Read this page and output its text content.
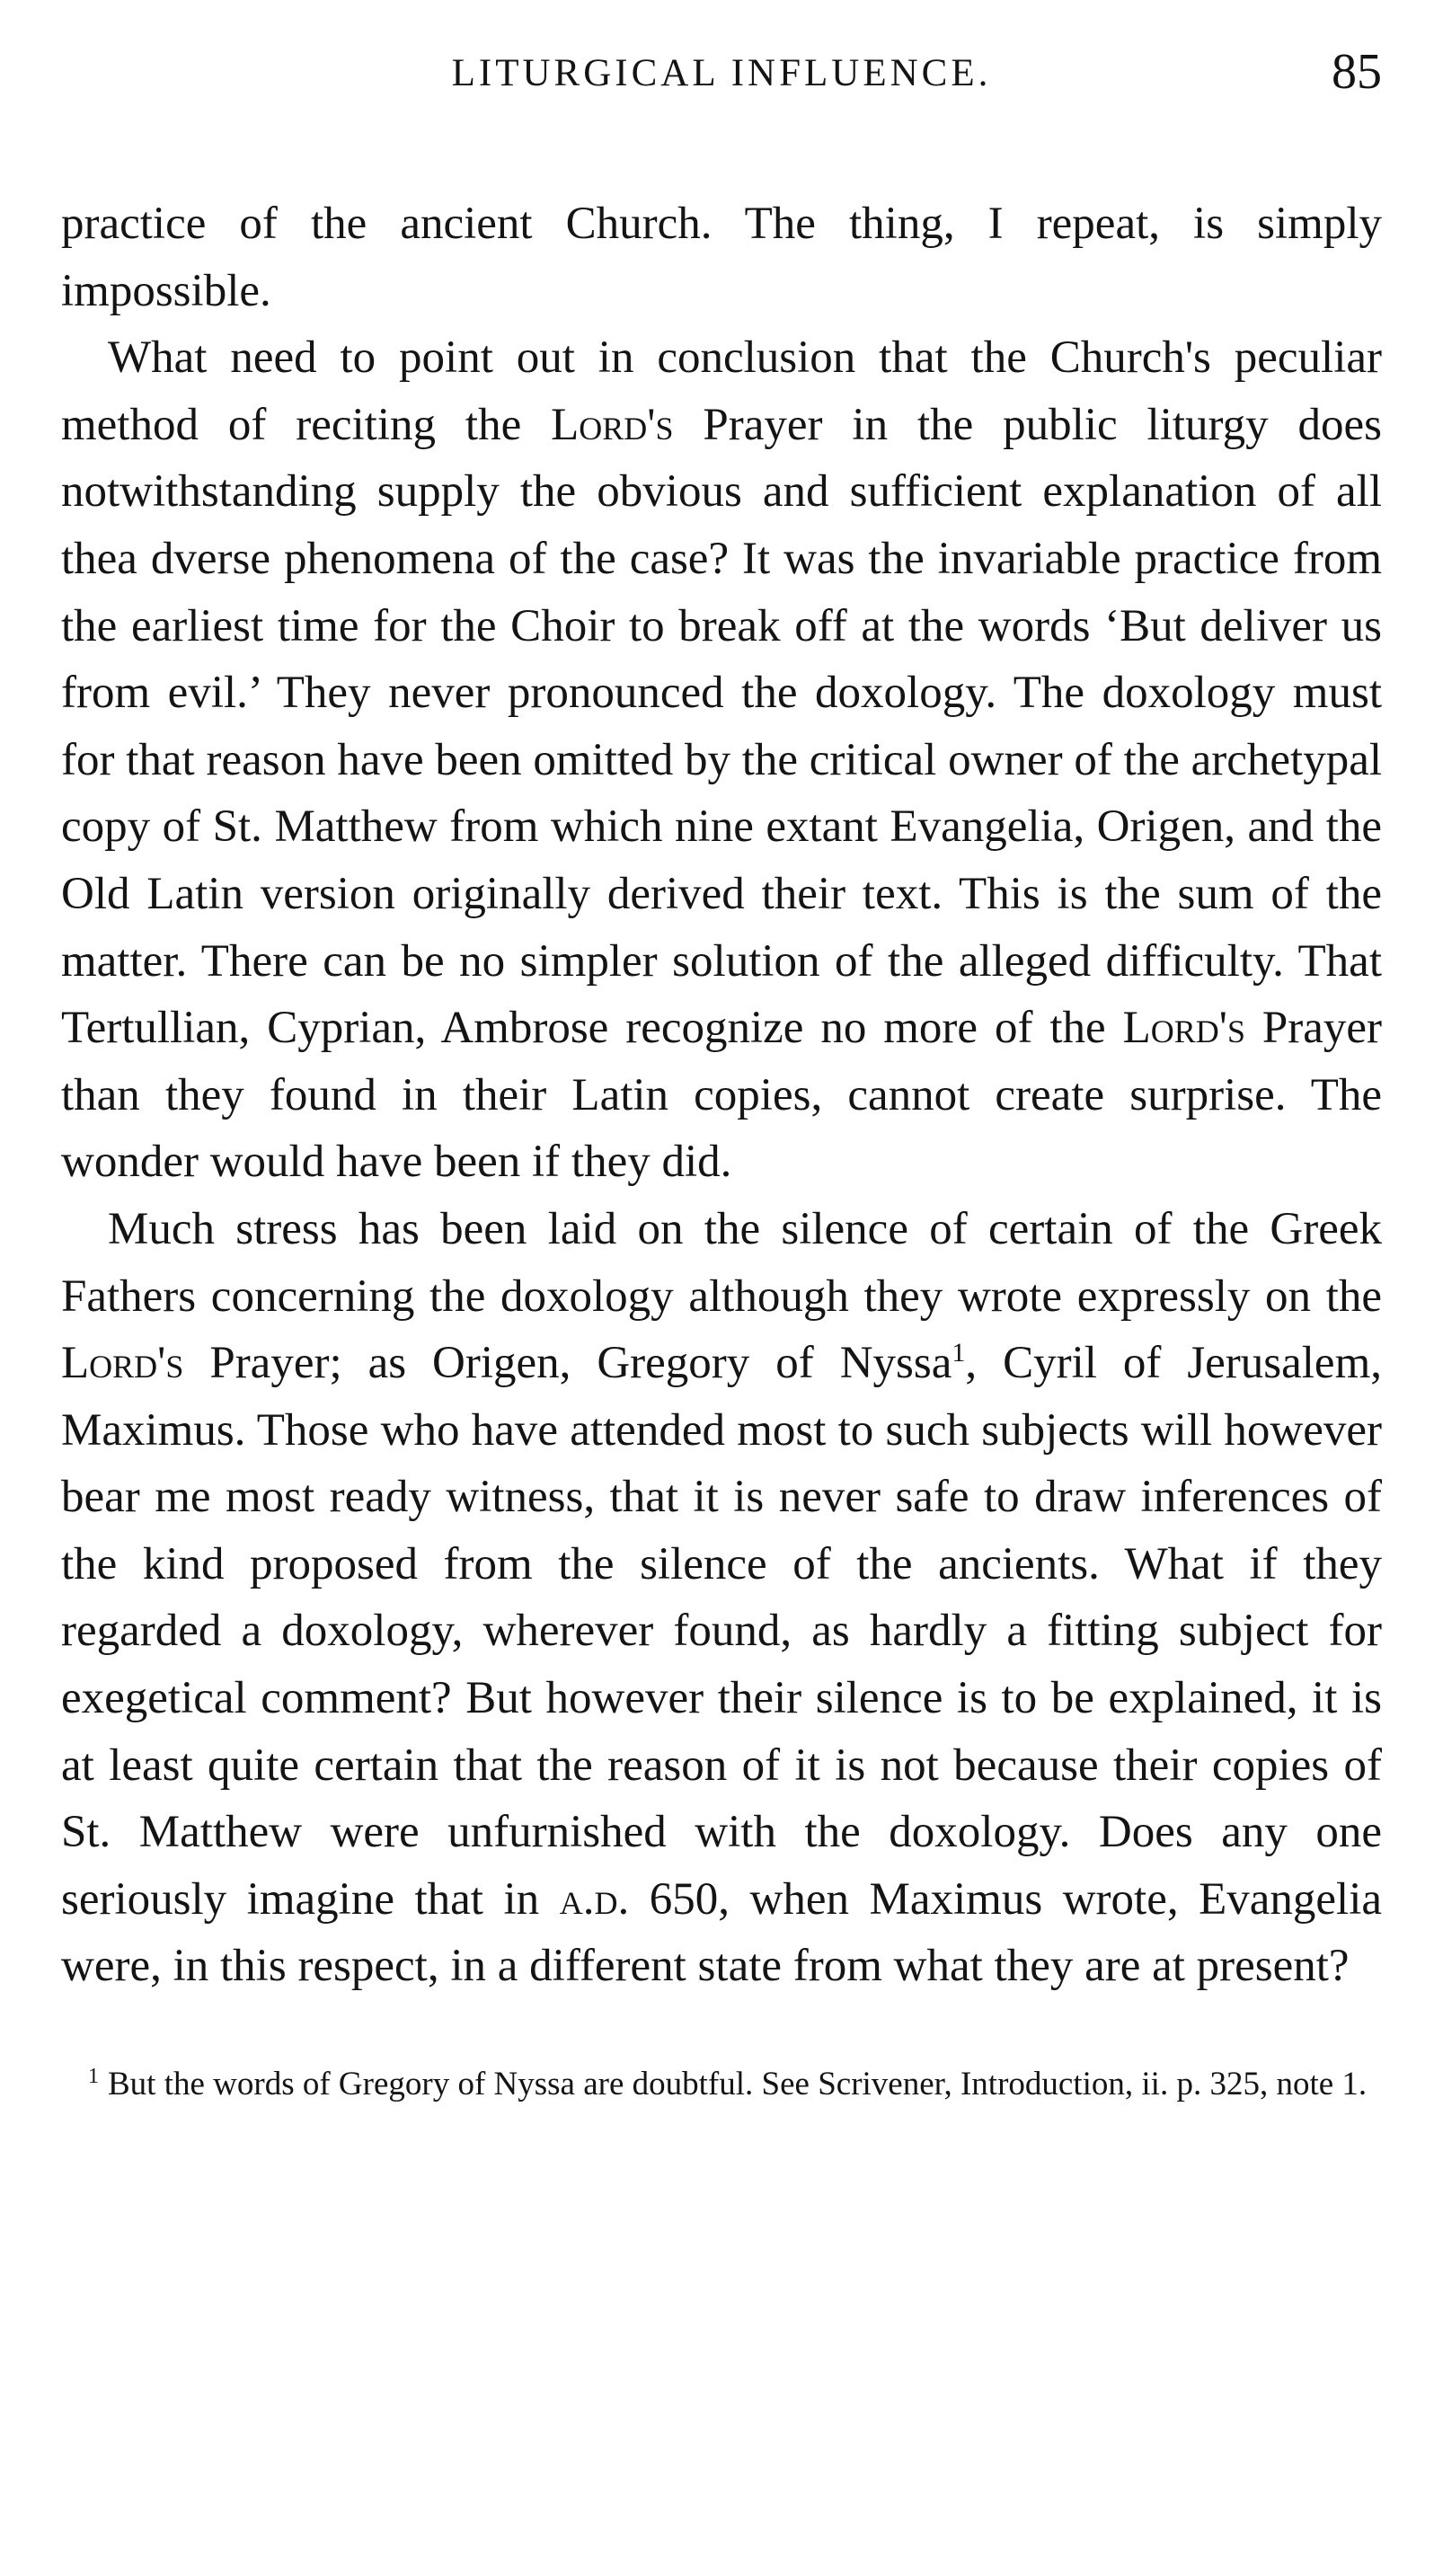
LITURGICAL INFLUENCE.	85

practice of the ancient Church. The thing, I repeat, is simply impossible.

What need to point out in conclusion that the Church's peculiar method of reciting the Lord's Prayer in the public liturgy does notwithstanding supply the obvious and sufficient explanation of all thea dverse phenomena of the case? It was the invariable practice from the earliest time for the Choir to break off at the words ‘But deliver us from evil.’ They never pronounced the doxology. The doxology must for that reason have been omitted by the critical owner of the archetypal copy of St. Matthew from which nine extant Evangelia, Origen, and the Old Latin version originally derived their text. This is the sum of the matter. There can be no simpler solution of the alleged difficulty. That Tertullian, Cyprian, Ambrose recognize no more of the Lord's Prayer than they found in their Latin copies, cannot create surprise. The wonder would have been if they did.

Much stress has been laid on the silence of certain of the Greek Fathers concerning the doxology although they wrote expressly on the Lord's Prayer; as Origen, Gregory of Nyssa$^1$, Cyril of Jerusalem, Maximus. Those who have attended most to such subjects will however bear me most ready witness, that it is never safe to draw inferences of the kind proposed from the silence of the ancients. What if they regarded a doxology, wherever found, as hardly a fitting subject for exegetical comment? But however their silence is to be explained, it is at least quite certain that the reason of it is not because their copies of St. Matthew were unfurnished with the doxology. Does any one seriously imagine that in a.d. 650, when Maximus wrote, Evangelia were, in this respect, in a different state from what they are at present?

$^1$ But the words of Gregory of Nyssa are doubtful. See Scrivener, Introduction, ii. p. 325, note 1.
